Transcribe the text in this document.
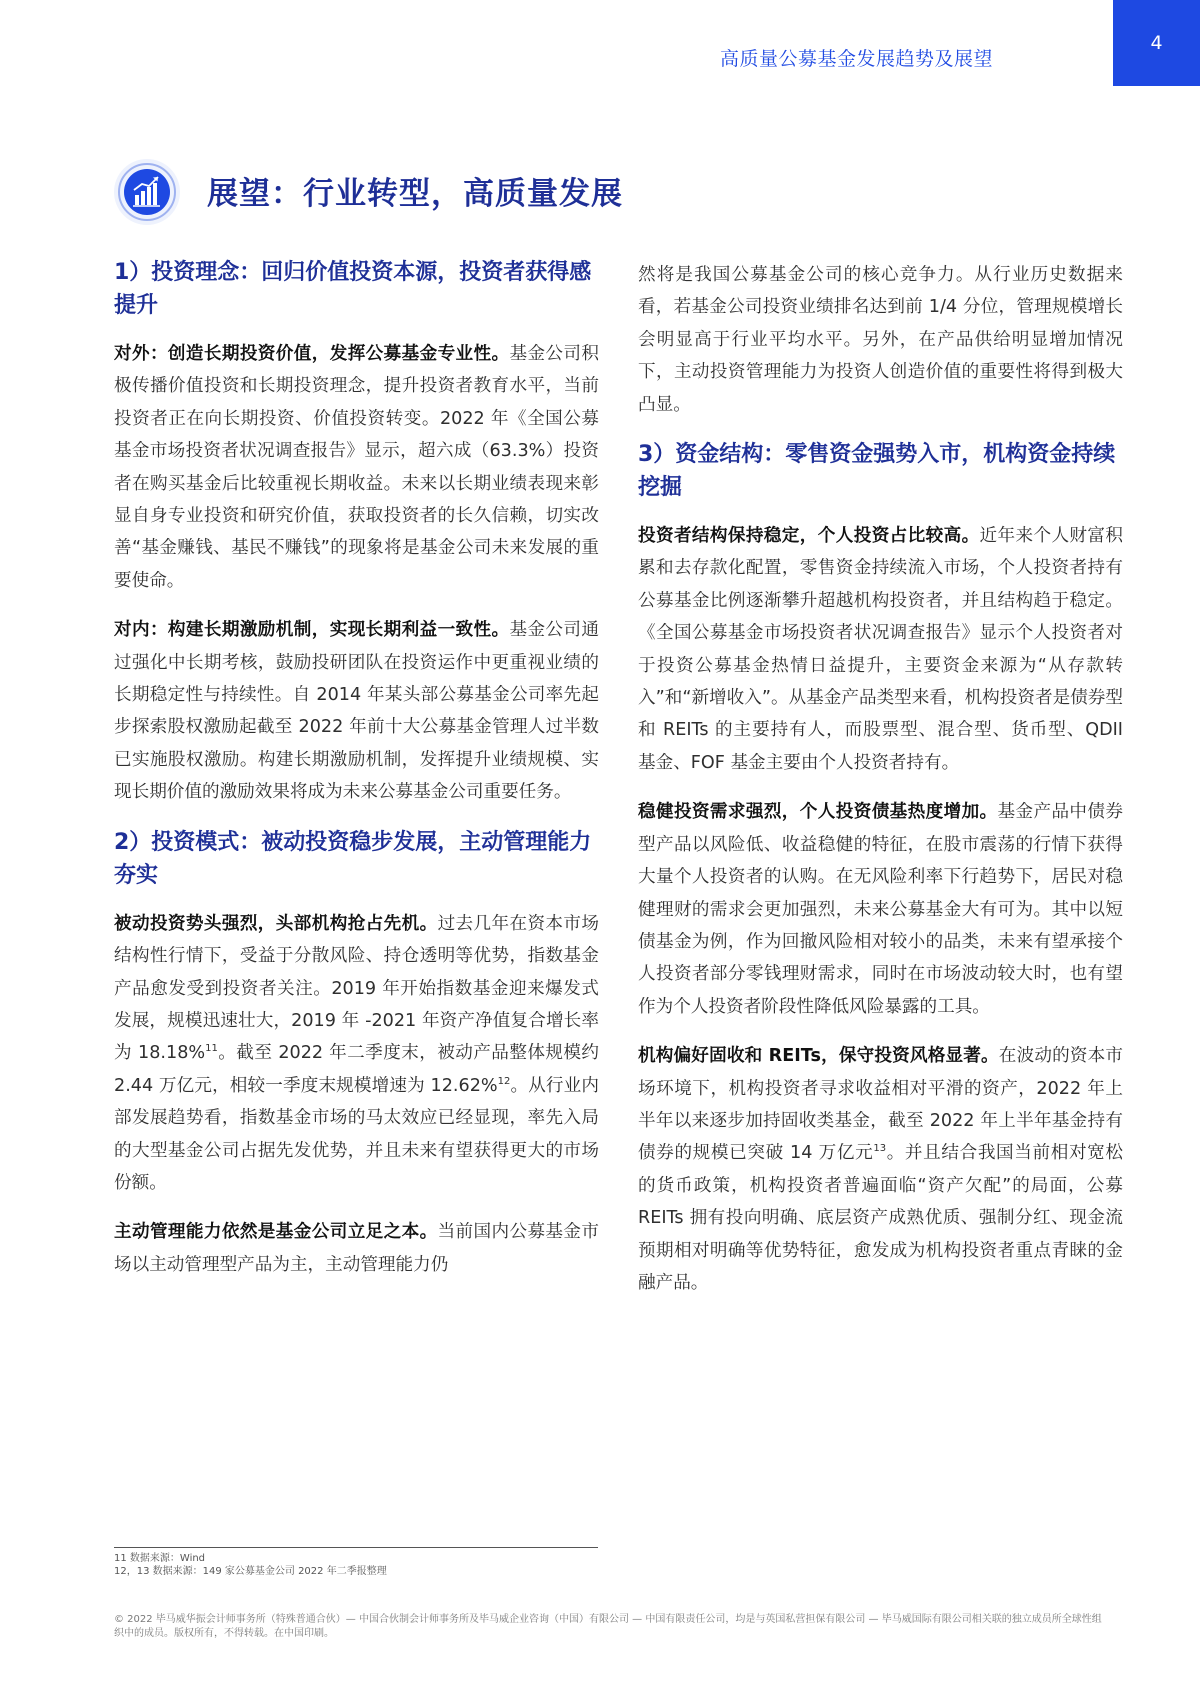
高质量公募基金发展趋势及展望
4
展望：行业转型，高质量发展
1）投资理念：回归价值投资本源，投资者获得感提升

对外：创造长期投资价值，发挥公募基金专业性。基金公司积极传播价值投资和长期投资理念，提升投资者教育水平，当前投资者正在向长期投资、价值投资转变。2022 年《全国公募基金市场投资者状况调查报告》显示，超六成（63.3%）投资者在购买基金后比较重视长期收益。未来以长期业绩表现来彰显自身专业投资和研究价值，获取投资者的长久信赖，切实改善“基金赚钱、基民不赚钱”的现象将是基金公司未来发展的重要使命。

对内：构建长期激励机制，实现长期利益一致性。基金公司通过强化中长期考核，鼓励投研团队在投资运作中更重视业绩的长期稳定性与持续性。自 2014 年某头部公募基金公司率先起步探索股权激励起截至 2022 年前十大公募基金管理人过半数已实施股权激励。构建长期激励机制，发挥提升业绩规模、实现长期价值的激励效果将成为未来公募基金公司重要任务。

2）投资模式：被动投资稳步发展，主动管理能力夯实

被动投资势头强烈，头部机构抢占先机。过去几年在资本市场结构性行情下，受益于分散风险、持仓透明等优势，指数基金产品愈发受到投资者关注。2019 年开始指数基金迎来爆发式发展，规模迅速壮大，2019 年 -2021 年资产净值复合增长率为 18.18%$^{11}$。截至 2022 年二季度末，被动产品整体规模约 2.44 万亿元，相较一季度末规模增速为 12.62%$^{12}$。从行业内部发展趋势看，指数基金市场的马太效应已经显现，率先入局的大型基金公司占据先发优势，并且未来有望获得更大的市场份额。

主动管理能力依然是基金公司立足之本。当前国内公募基金市场以主动管理型产品为主，主动管理能力仍

然将是我国公募基金公司的核心竞争力。从行业历史数据来看，若基金公司投资业绩排名达到前 1/4 分位，管理规模增长会明显高于行业平均水平。另外，在产品供给明显增加情况下，主动投资管理能力为投资人创造价值的重要性将得到极大凸显。

3）资金结构：零售资金强势入市，机构资金持续挖掘

投资者结构保持稳定，个人投资占比较高。近年来个人财富积累和去存款化配置，零售资金持续流入市场，个人投资者持有公募基金比例逐渐攀升超越机构投资者，并且结构趋于稳定。《全国公募基金市场投资者状况调查报告》显示个人投资者对于投资公募基金热情日益提升，主要资金来源为“从存款转入”和“新增收入”。从基金产品类型来看，机构投资者是债券型和 REITs 的主要持有人，而股票型、混合型、货币型、QDII 基金、FOF 基金主要由个人投资者持有。

稳健投资需求强烈，个人投资债基热度增加。基金产品中债券型产品以风险低、收益稳健的特征，在股市震荡的行情下获得大量个人投资者的认购。在无风险利率下行趋势下，居民对稳健理财的需求会更加强烈，未来公募基金大有可为。其中以短债基金为例，作为回撤风险相对较小的品类，未来有望承接个人投资者部分零钱理财需求，同时在市场波动较大时，也有望作为个人投资者阶段性降低风险暴露的工具。

机构偏好固收和 REITs，保守投资风格显著。在波动的资本市场环境下，机构投资者寻求收益相对平滑的资产，2022 年上半年以来逐步加持固收类基金，截至 2022 年上半年基金持有债券的规模已突破 14 万亿元$^{13}$。并且结合我国当前相对宽松的货币政策，机构投资者普遍面临“资产欠配”的局面，公募 REITs 拥有投向明确、底层资产成熟优质、强制分红、现金流预期相对明确等优势特征，愈发成为机构投资者重点青睐的金融产品。

11 数据来源：Wind
12，13 数据来源：149 家公募基金公司 2022 年二季报整理
© 2022 毕马威华振会计师事务所（特殊普通合伙）— 中国合伙制会计师事务所及毕马威企业咨询（中国）有限公司 — 中国有限责任公司，均是与英国私营担保有限公司 — 毕马威国际有限公司相关联的独立成员所全球性组织中的成员。版权所有，不得转载。在中国印刷。
